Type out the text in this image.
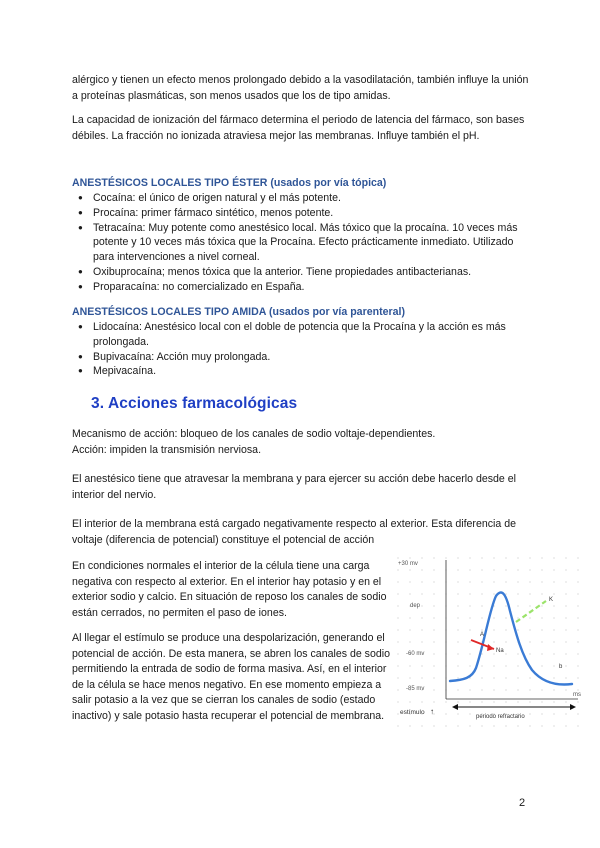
alérgico y tienen un efecto menos prolongado debido a la vasodilatación, también influye la unión a proteínas plasmáticas, son menos usados que los de tipo amidas.

La capacidad de ionización del fármaco determina el periodo de latencia del fármaco, son bases débiles. La fracción no ionizada atraviesa mejor las membranas. Influye también el pH.

ANESTÉSICOS LOCALES TIPO ÉSTER (usados por vía tópica)

● Cocaína: el único de origen natural y el más potente.
● Procaína: primer fármaco sintético, menos potente.
● Tetracaína: Muy potente como anestésico local. Más tóxico que la procaína. 10 veces más potente y 10 veces más tóxica que la Procaína. Efecto prácticamente inmediato. Utilizado para intervenciones a nivel corneal.
● Oxibuprocaína; menos tóxica que la anterior. Tiene propiedades antibacterianas.
● Proparacaína: no comercializado en España.

ANESTÉSICOS LOCALES TIPO AMIDA (usados por vía parenteral)

● Lidocaína: Anestésico local con el doble de potencia que la Procaína y la acción es más prolongada.
● Bupivacaína: Acción muy prolongada.
● Mepivacaína.
3. Acciones farmacológicas

Mecanismo de acción: bloqueo de los canales de sodio voltaje-dependientes.
Acción: impiden la transmisión nerviosa.

El anestésico tiene que atravesar la membrana y para ejercer su acción debe hacerlo desde el interior del nervio.

El interior de la membrana está cargado negativamente respecto al exterior. Esta diferencia de voltaje (diferencia de potencial) constituye el potencial de acción

En condiciones normales el interior de la célula tiene una carga negativa con respecto al exterior. En el interior hay potasio y en el exterior sodio y calcio. En situación de reposo los canales de sodio están cerrados, no permiten el paso de iones.

Al llegar el estímulo se produce una despolarización, generando el potencial de acción. De esta manera, se abren los canales de sodio permitiendo la entrada de sodio de forma masiva. Así, en el interior de la célula se hace menos negativo. En ese momento empieza a salir potasio a la vez que se cierran los canales de sodio (estado inactivo) y sale potasio hasta recuperar el potencial de membrana.

+30 mv
dep
-60 mv
-85 mv
ms
Na
K
A
b
estímulo ↑
periodo refractario
2
